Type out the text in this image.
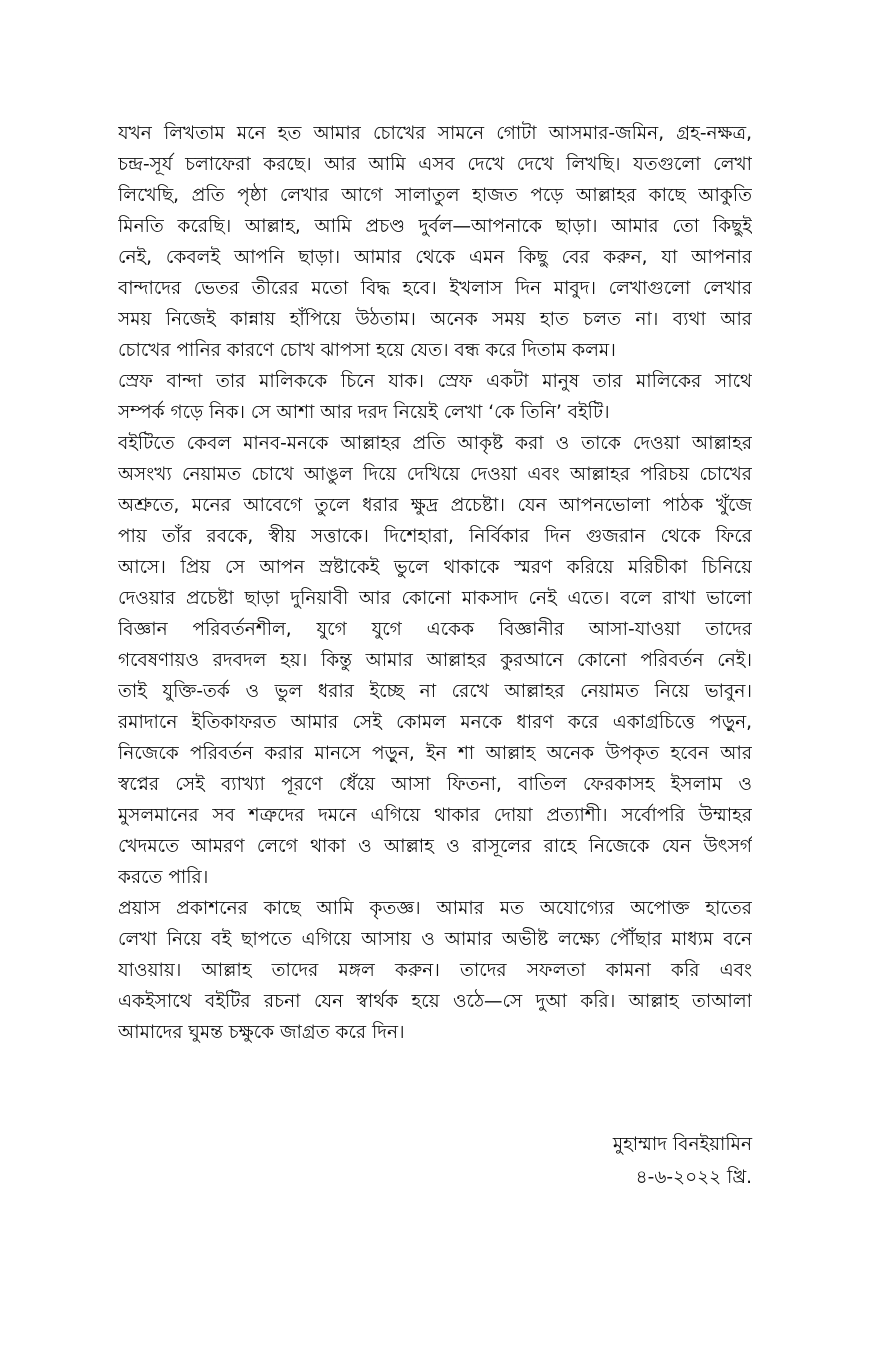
যখন লিখতাম মনে হত আমার চোখের সামনে গোটা আসমার-জমিন, গ্রহ-নক্ষত্র,
চন্দ্র-সূর্য চলাফেরা করছে। আর আমি এসব দেখে দেখে লিখছি। যতগুলো লেখা
লিখেছি, প্রতি পৃষ্ঠা লেখার আগে সালাতুল হাজত পড়ে আল্লাহর কাছে আকুতি
মিনতি করেছি। আল্লাহ, আমি প্রচণ্ড দুর্বল—আপনাকে ছাড়া। আমার তো কিছুই
নেই, কেবলই আপনি ছাড়া। আমার থেকে এমন কিছু বের করুন, যা আপনার
বান্দাদের ভেতর তীরের মতো বিদ্ধ হবে। ইখলাস দিন মাবুদ। লেখাগুলো লেখার
সময় নিজেই কান্নায় হাঁপিয়ে উঠতাম। অনেক সময় হাত চলত না। ব্যথা আর
চোখের পানির কারণে চোখ ঝাপসা হয়ে যেত। বন্ধ করে দিতাম কলম।
স্রেফ বান্দা তার মালিককে চিনে যাক। স্রেফ একটা মানুষ তার মালিকের সাথে
সম্পর্ক গড়ে নিক। সে আশা আর দরদ নিয়েই লেখা ‘কে তিনি’ বইটি।
বইটিতে কেবল মানব-মনকে আল্লাহর প্রতি আকৃষ্ট করা ও তাকে দেওয়া আল্লাহর
অসংখ্য নেয়ামত চোখে আঙুল দিয়ে দেখিয়ে দেওয়া এবং আল্লাহর পরিচয় চোখের
অশ্রুতে, মনের আবেগে তুলে ধরার ক্ষুদ্র প্রচেষ্টা। যেন আপনভোলা পাঠক খুঁজে
পায় তাঁর রবকে, স্বীয় সত্তাকে। দিশেহারা, নির্বিকার দিন গুজরান থেকে ফিরে
আসে। প্রিয় সে আপন স্রষ্টাকেই ভুলে থাকাকে স্মরণ করিয়ে মরিচীকা চিনিয়ে
দেওয়ার প্রচেষ্টা ছাড়া দুনিয়াবী আর কোনো মাকসাদ নেই এতে। বলে রাখা ভালো
বিজ্ঞান পরিবর্তনশীল, যুগে যুগে একেক বিজ্ঞানীর আসা-যাওয়া তাদের
গবেষণায়ও রদবদল হয়। কিন্তু আমার আল্লাহর কুরআনে কোনো পরিবর্তন নেই।
তাই যুক্তি-তর্ক ও ভুল ধরার ইচ্ছে না রেখে আল্লাহর নেয়ামত নিয়ে ভাবুন।
রমাদানে ইতিকাফরত আমার সেই কোমল মনকে ধারণ করে একাগ্রচিত্তে পড়ুন,
নিজেকে পরিবর্তন করার মানসে পড়ুন, ইন শা আল্লাহ অনেক উপকৃত হবেন আর
স্বপ্নের সেই ব্যাখ্যা পূরণে ধেঁয়ে আসা ফিতনা, বাতিল ফেরকাসহ ইসলাম ও
মুসলমানের সব শত্রুদের দমনে এগিয়ে থাকার দোয়া প্রত্যাশী। সর্বোপরি উম্মাহর
খেদমতে আমরণ লেগে থাকা ও আল্লাহ ও রাসূলের রাহে নিজেকে যেন উৎসর্গ
করতে পারি।
প্রয়াস প্রকাশনের কাছে আমি কৃতজ্ঞ। আমার মত অযোগ্যের অপোক্ত হাতের
লেখা নিয়ে বই ছাপতে এগিয়ে আসায় ও আমার অভীষ্ট লক্ষ্যে পৌঁছার মাধ্যম বনে
যাওয়ায়। আল্লাহ তাদের মঙ্গল করুন। তাদের সফলতা কামনা করি এবং
একইসাথে বইটির রচনা যেন স্বার্থক হয়ে ওঠে—সে দুআ করি। আল্লাহ তাআলা
আমাদের ঘুমন্ত চক্ষুকে জাগ্রত করে দিন।
মুহাম্মাদ বিনইয়ামিন
৪-৬-২০২২ খ্রি.
